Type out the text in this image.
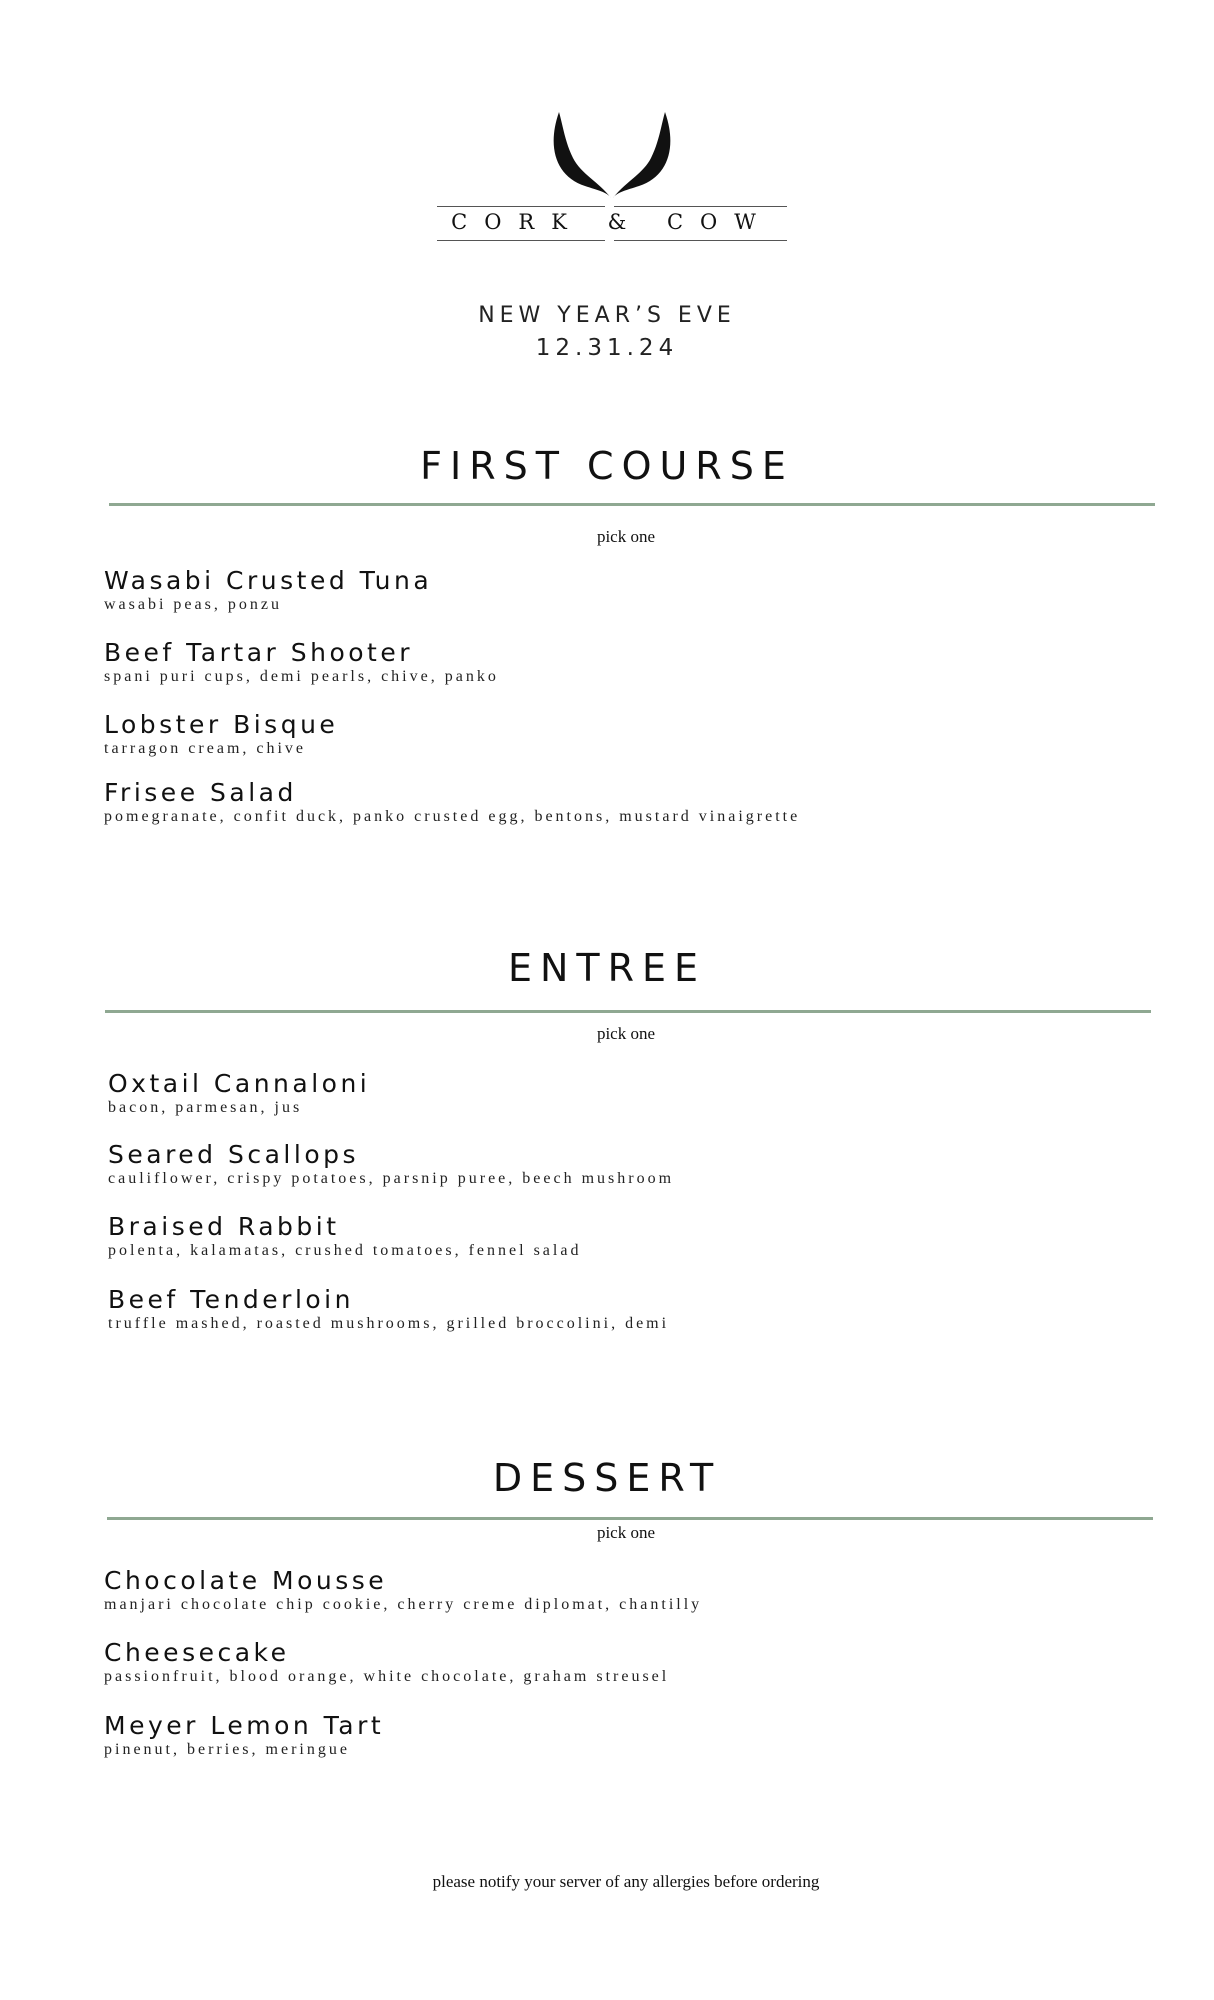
CORK & COW
NEW YEAR’S EVE
12.31.24
FIRST COURSE
pick one
Wasabi Crusted Tuna
wasabi peas, ponzu
Beef Tartar Shooter
spani puri cups, demi pearls, chive, panko
Lobster Bisque
tarragon cream, chive
Frisee Salad
pomegranate, confit duck, panko crusted egg, bentons, mustard vinaigrette
ENTREE
pick one
Oxtail Cannaloni
bacon, parmesan, jus
Seared Scallops
cauliflower, crispy potatoes, parsnip puree, beech mushroom
Braised Rabbit
polenta, kalamatas, crushed tomatoes, fennel salad
Beef Tenderloin
truffle mashed, roasted mushrooms, grilled broccolini, demi
DESSERT
pick one
Chocolate Mousse
manjari chocolate chip cookie, cherry creme diplomat, chantilly
Cheesecake
passionfruit, blood orange, white chocolate, graham streusel
Meyer Lemon Tart
pinenut, berries, meringue
please notify your server of any allergies before ordering
